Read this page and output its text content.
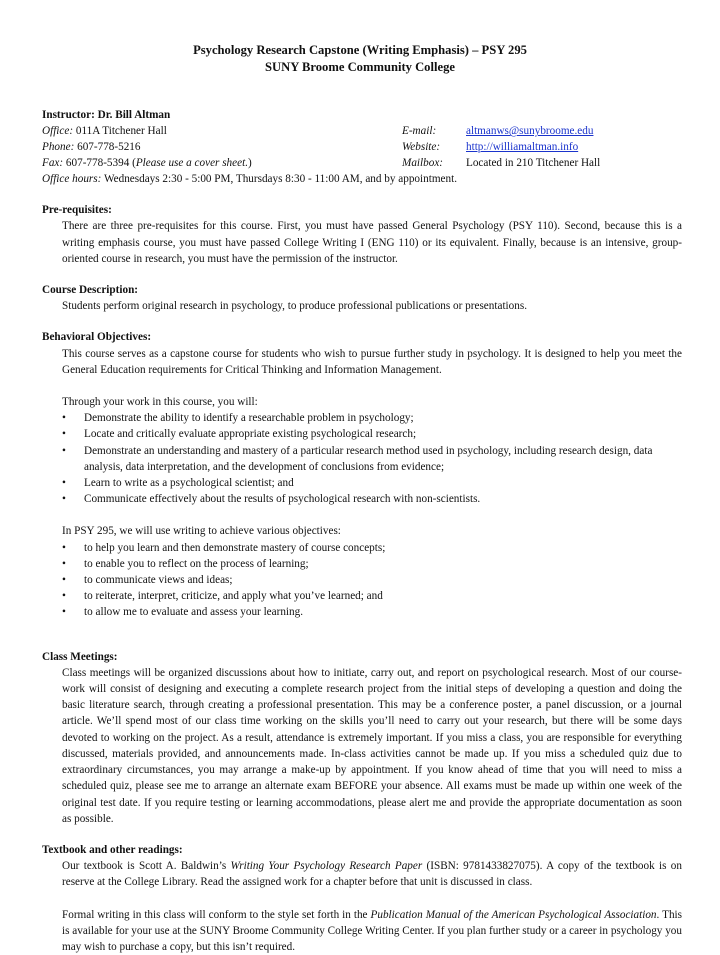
Psychology Research Capstone (Writing Emphasis) – PSY 295
SUNY Broome Community College
Instructor: Dr. Bill Altman
Office: 011A Titchener Hall	E-mail:	altmanws@sunybroome.edu
Phone: 607-778-5216	Website: http://williamaltman.info
Fax: 607-778-5394 (Please use a cover sheet.)	Mailbox: Located in 210 Titchener Hall
Office hours: Wednesdays 2:30 - 5:00 PM, Thursdays 8:30 - 11:00 AM, and by appointment.
Pre-requisites:
There are three pre-requisites for this course. First, you must have passed General Psychology (PSY 110). Second, because this is a writing emphasis course, you must have passed College Writing I (ENG 110) or its equivalent. Finally, because is an intensive, group-oriented course in research, you must have the permission of the instructor.
Course Description:
Students perform original research in psychology, to produce professional publications or presentations.
Behavioral Objectives:
This course serves as a capstone course for students who wish to pursue further study in psychology. It is designed to help you meet the General Education requirements for Critical Thinking and Information Management.
Through your work in this course, you will:
• Demonstrate the ability to identify a researchable problem in psychology;
• Locate and critically evaluate appropriate existing psychological research;
• Demonstrate an understanding and mastery of a particular research method used in psychology, including research design, data analysis, data interpretation, and the development of conclusions from evidence;
• Learn to write as a psychological scientist; and
• Communicate effectively about the results of psychological research with non-scientists.
In PSY 295, we will use writing to achieve various objectives:
• to help you learn and then demonstrate mastery of course concepts;
• to enable you to reflect on the process of learning;
• to communicate views and ideas;
• to reiterate, interpret, criticize, and apply what you’ve learned; and
• to allow me to evaluate and assess your learning.
Class Meetings:
Class meetings will be organized discussions about how to initiate, carry out, and report on psychological research. Most of our course-work will consist of designing and executing a complete research project from the initial steps of developing a question and doing the basic literature search, through creating a professional presentation. This may be a conference poster, a panel discussion, or a journal article. We’ll spend most of our class time working on the skills you’ll need to carry out your research, but there will be some days devoted to working on the project. As a result, attendance is extremely important. If you miss a class, you are responsible for everything discussed, materials provided, and announcements made. In-class activities cannot be made up. If you miss a scheduled quiz due to extraordinary circumstances, you may arrange a make-up by appointment. If you know ahead of time that you will need to miss a scheduled quiz, please see me to arrange an alternate exam BEFORE your absence. All exams must be made up within one week of the original test date. If you require testing or learning accommodations, please alert me and provide the appropriate documentation as soon as possible.
Textbook and other readings:
Our textbook is Scott A. Baldwin’s Writing Your Psychology Research Paper (ISBN: 9781433827075). A copy of the textbook is on reserve at the College Library. Read the assigned work for a chapter before that unit is discussed in class.
Formal writing in this class will conform to the style set forth in the Publication Manual of the American Psychological Association. This is available for your use at the SUNY Broome Community College Writing Center. If you plan further study or a career in psychology you may wish to purchase a copy, but this isn’t required.
